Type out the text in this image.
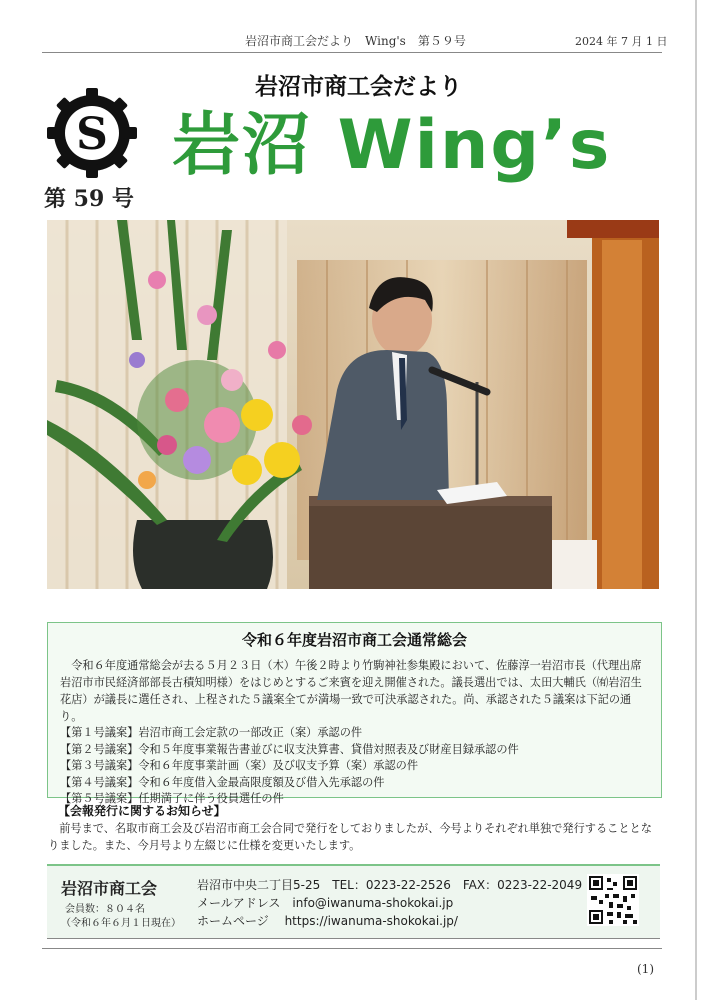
岩沼市商工会だより　Wing's　第５９号	2024 年 7 月 1 日
S
第 59 号
岩沼市商工会だより
岩沼 Wing’s
令和６年度岩沼市商工会通常総会

令和６年度通常総会が去る５月２３日（木）午後２時より竹駒神社参集殿において、佐藤淳一岩沼市長（代理出席岩沼市市民経済部部長古積知明様）をはじめとするご来賓を迎え開催された。議長選出では、太田大輔氏（㈲岩沼生花店）が議長に選任され、上程された５議案全てが満場一致で可決承認された。尚、承認された５議案は下記の通り。

【第１号議案】岩沼市商工会定款の一部改正（案）承認の件
【第２号議案】令和５年度事業報告書並びに収支決算書、貸借対照表及び財産目録承認の件
【第３号議案】令和６年度事業計画（案）及び収支予算（案）承認の件
【第４号議案】令和６年度借入金最高限度額及び借入先承認の件
【第５号議案】任期満了に伴う役員選任の件
【会報発行に関するお知らせ】
前号まで、名取市商工会及び岩沼市商工会合同で発行をしておりましたが、今号よりそれぞれ単独で発行することとなりました。また、今月号より左綴じに仕様を変更いたします。
岩沼市商工会
会員数：８０４名
（令和６年６月１日現在）
岩沼市中央二丁目5-25　TEL：0223-22-2526　FAX：0223-22-2049
メールアドレス　info@iwanuma-shokokai.jp
ホームページ　 https://iwanuma-shokokai.jp/
(1)
